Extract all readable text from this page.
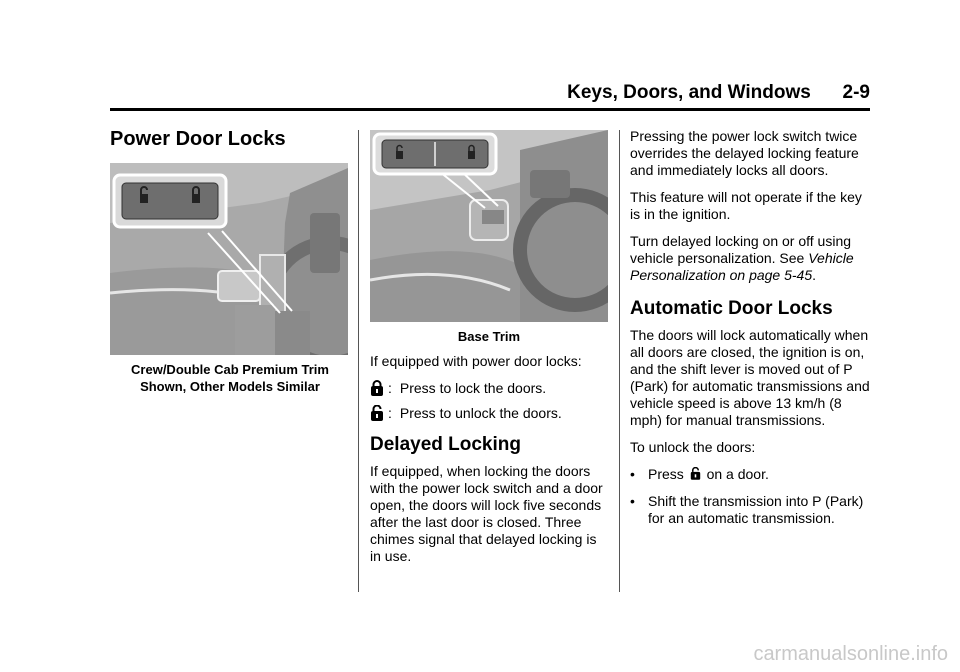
Keys, Doors, and Windows 2-9
Power Door Locks
Crew/Double Cab Premium Trim
Shown, Other Models Similar
Base Trim

If equipped with power door locks:

: Press to lock the doors.
: Press to unlock the doors.
Delayed Locking

If equipped, when locking the doors with the power lock switch and a door open, the doors will lock five seconds after the last door is closed. Three chimes signal that delayed locking is in use.

Pressing the power lock switch twice overrides the delayed locking feature and immediately locks all doors.

This feature will not operate if the key is in the ignition.

Turn delayed locking on or off using vehicle personalization. See Vehicle Personalization on page 5-45.

Automatic Door Locks

The doors will lock automatically when all doors are closed, the ignition is on, and the shift lever is moved out of P (Park) for automatic transmissions and vehicle speed is above 13 km/h (8 mph) for manual transmissions.

To unlock the doors:

• Press  on a door.
• Shift the transmission into P (Park) for an automatic transmission.
carmanualsonline.info
